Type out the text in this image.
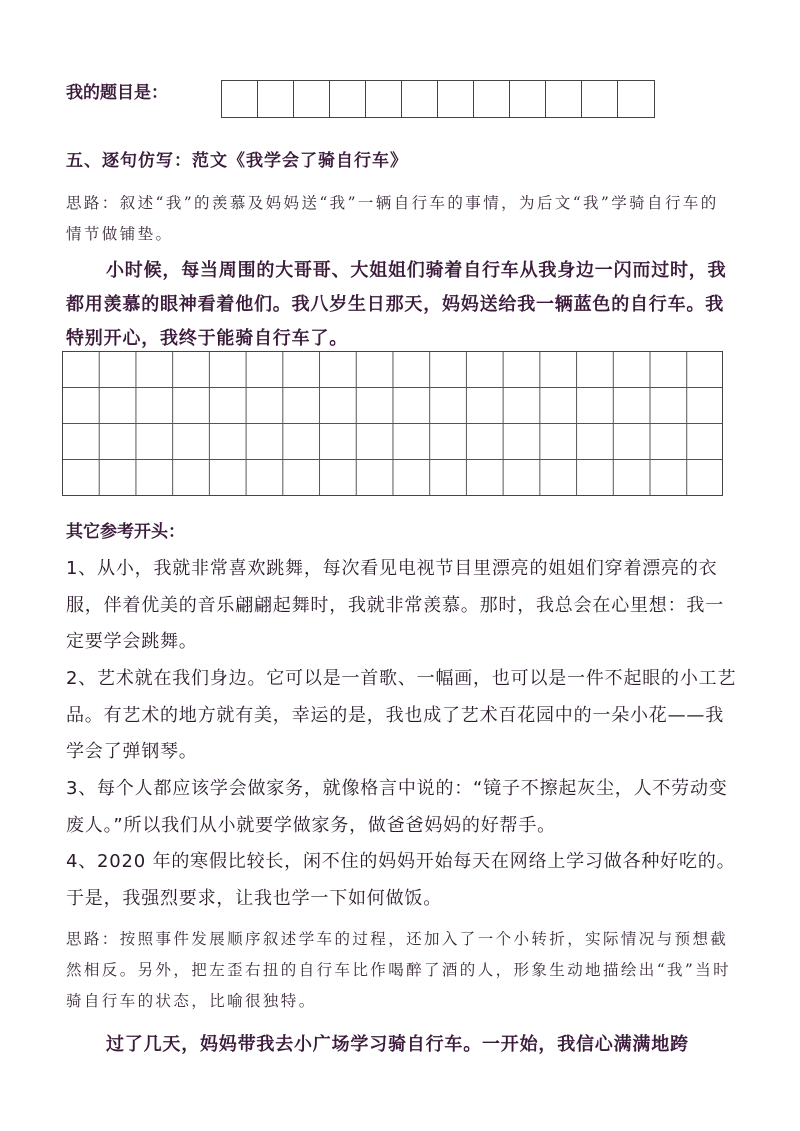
我的题目是：
五、逐句仿写：范文《我学会了骑自行车》
思路：叙述“我”的羡慕及妈妈送“我”一辆自行车的事情，为后文“我”学骑自行车的情节做铺垫。
小时候，每当周围的大哥哥、大姐姐们骑着自行车从我身边一闪而过时，我都用羡慕的眼神看着他们。我八岁生日那天，妈妈送给我一辆蓝色的自行车。我特别开心，我终于能骑自行车了。
其它参考开头：
1、从小，我就非常喜欢跳舞，每次看见电视节目里漂亮的姐姐们穿着漂亮的衣服，伴着优美的音乐翩翩起舞时，我就非常羡慕。那时，我总会在心里想：我一定要学会跳舞。
2、艺术就在我们身边。它可以是一首歌、一幅画，也可以是一件不起眼的小工艺品。有艺术的地方就有美，幸运的是，我也成了艺术百花园中的一朵小花——我学会了弹钢琴。
3、每个人都应该学会做家务，就像格言中说的：“镜子不擦起灰尘，人不劳动变废人。”所以我们从小就要学做家务，做爸爸妈妈的好帮手。
4、2020 年的寒假比较长，闲不住的妈妈开始每天在网络上学习做各种好吃的。于是，我强烈要求，让我也学一下如何做饭。
思路：按照事件发展顺序叙述学车的过程，还加入了一个小转折，实际情况与预想截然相反。另外，把左歪右扭的自行车比作喝醉了酒的人，形象生动地描绘出“我”当时骑自行车的状态，比喻很独特。
过了几天，妈妈带我去小广场学习骑自行车。一开始，我信心满满地跨
